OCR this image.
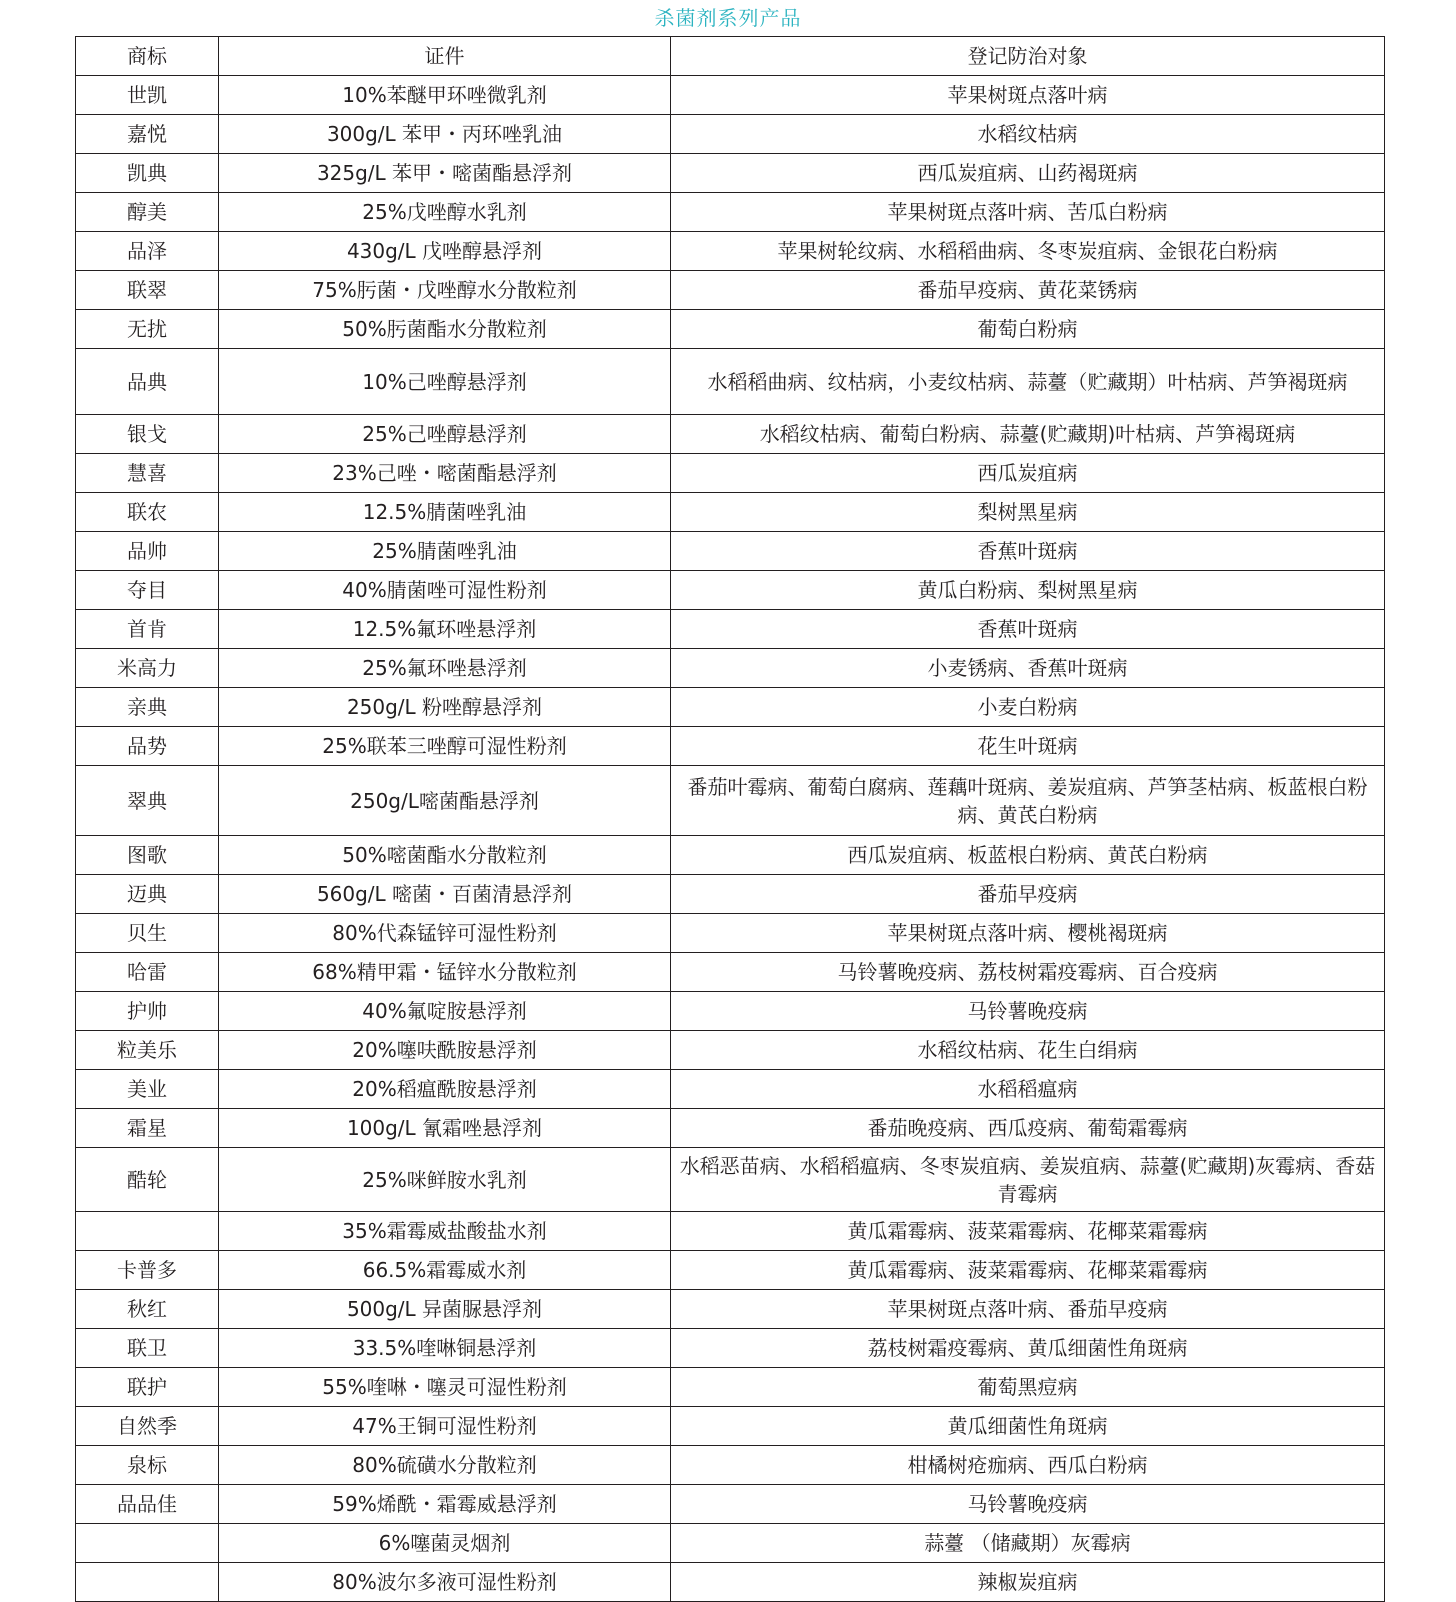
杀菌剂系列产品
商标	证件	登记防治对象
世凯	10%苯醚甲环唑微乳剂	苹果树斑点落叶病
嘉悦	300g/L 苯甲・丙环唑乳油	水稻纹枯病
凯典	325g/L 苯甲・嘧菌酯悬浮剂	西瓜炭疽病、山药褐斑病
醇美	25%戊唑醇水乳剂	苹果树斑点落叶病、苦瓜白粉病
品泽	430g/L 戊唑醇悬浮剂	苹果树轮纹病、水稻稻曲病、冬枣炭疽病、金银花白粉病
联翠	75%肟菌・戊唑醇水分散粒剂	番茄早疫病、黄花菜锈病
无扰	50%肟菌酯水分散粒剂	葡萄白粉病
品典	10%己唑醇悬浮剂	水稻稻曲病、纹枯病，小麦纹枯病、蒜薹（贮藏期）叶枯病、芦笋褐斑病
银戈	25%己唑醇悬浮剂	水稻纹枯病、葡萄白粉病、蒜薹(贮藏期)叶枯病、芦笋褐斑病
慧喜	23%己唑・嘧菌酯悬浮剂	西瓜炭疽病
联农	12.5%腈菌唑乳油	梨树黑星病
品帅	25%腈菌唑乳油	香蕉叶斑病
夺目	40%腈菌唑可湿性粉剂	黄瓜白粉病、梨树黑星病
首肯	12.5%氟环唑悬浮剂	香蕉叶斑病
米高力	25%氟环唑悬浮剂	小麦锈病、香蕉叶斑病
亲典	250g/L 粉唑醇悬浮剂	小麦白粉病
品势	25%联苯三唑醇可湿性粉剂	花生叶斑病
翠典	250g/L嘧菌酯悬浮剂	番茄叶霉病、葡萄白腐病、莲藕叶斑病、姜炭疽病、芦笋茎枯病、板蓝根白粉病、黄芪白粉病
图歌	50%嘧菌酯水分散粒剂	西瓜炭疽病、板蓝根白粉病、黄芪白粉病
迈典	560g/L 嘧菌・百菌清悬浮剂	番茄早疫病
贝生	80%代森锰锌可湿性粉剂	苹果树斑点落叶病、樱桃褐斑病
哈雷	68%精甲霜・锰锌水分散粒剂	马铃薯晚疫病、荔枝树霜疫霉病、百合疫病
护帅	40%氟啶胺悬浮剂	马铃薯晚疫病
粒美乐	20%噻呋酰胺悬浮剂	水稻纹枯病、花生白绢病
美业	20%稻瘟酰胺悬浮剂	水稻稻瘟病
霜星	100g/L 氰霜唑悬浮剂	番茄晚疫病、西瓜疫病、葡萄霜霉病
酷轮	25%咪鲜胺水乳剂	水稻恶苗病、水稻稻瘟病、冬枣炭疽病、姜炭疽病、蒜薹(贮藏期)灰霉病、香菇青霉病
	35%霜霉威盐酸盐水剂	黄瓜霜霉病、菠菜霜霉病、花椰菜霜霉病
卡普多	66.5%霜霉威水剂	黄瓜霜霉病、菠菜霜霉病、花椰菜霜霉病
秋红	500g/L 异菌脲悬浮剂	苹果树斑点落叶病、番茄早疫病
联卫	33.5%喹啉铜悬浮剂	荔枝树霜疫霉病、黄瓜细菌性角斑病
联护	55%喹啉・噻灵可湿性粉剂	葡萄黑痘病
自然季	47%王铜可湿性粉剂	黄瓜细菌性角斑病
泉标	80%硫磺水分散粒剂	柑橘树疮痂病、西瓜白粉病
品品佳	59%烯酰・霜霉威悬浮剂	马铃薯晚疫病
	6%噻菌灵烟剂	蒜薹 （储藏期）灰霉病
	80%波尔多液可湿性粉剂	辣椒炭疽病
